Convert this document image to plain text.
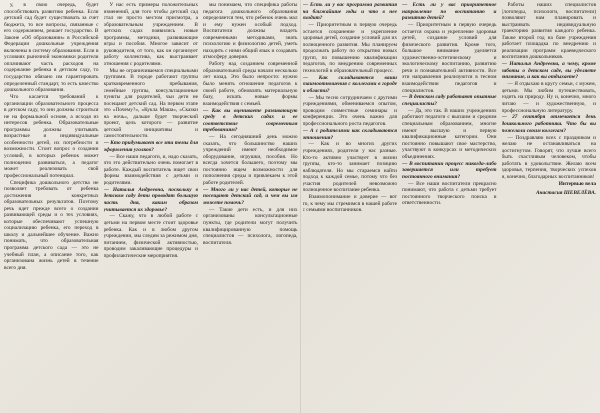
у, в свою очередь, будет способствовать развитию ребенка. Если детский сад будет существовать за счет бюджета, то все вопросы, связанные с его содержанием, решает государство. В Законе «Об образовании» в Российской Федерации дошкольные учреждения включены в систему образования. Если в условиях рыночной экономики родители оплачивают часть расходов на содержание ребенка в детском саду, то государство обязано им гарантировать определенный стандарт, то есть качество дошкольного образования.

Что касается требований к организации образовательного процесса в детском саду, то они должны строиться не на формальной основе, а исходя из интересов ребенка. Образовательные программы должны учитывать возрастные и индивидуальные особенности детей, их потребности и возможности. Стоит вопрос о создании условий, в которых ребенок может полноценно развиваться, а педагог может реализовать свой профессиональный потенциал.

Специфика дошкольного детства не позволяет требовать от ребенка достижения конкретных образовательных результатов. Поэтому речь идет прежде всего о создании развивающей среды и о тех условиях, которые обеспечивают успешную социализацию ребенка, его переход в школу и дальнейшее обучение. Важно понимать, что образовательная программа детского сада — это не учебный план, а описание того, как организована жизнь детей в течение всего дня.

У нас есть примеры положительных изменений, для того чтобы детский сад стал не просто местом присмотра, а образовательным учреждением. В детских садах появились новые программы, методики, развивающие игры и пособия. Многое зависит от руководителя, от того, как он организует работу коллектива, как выстраивает отношения с родителями.

Мы не ограничиваемся специальными группами. В городе работают группы кратковременного пребывания, семейные группы, консультационные пункты для родителей, чьи дети не посещают детский сад. На первом этапе это «Почему?», «Кукла Маша», «Сказки на ночь», дальше будет творческий проект, цель которого — развитие детской инициативы и самостоятельности.

— Кто придумывает все эти темы для оформления уголков?

— Все наши педагоги, и, надо сказать, что это действительно очень помогает в работе. Каждый воспитатель ищет свои формы взаимодействия с детьми и родителями.

— Наталья Андреевна, поскольку в детском саду дети проводят большую часть дня, каким образом учитывается их здоровье?

— Скажу, что в любой работе с детьми на первом месте стоит здоровье ребенка. Как и в любом другом учреждении, мы следим за режимом дня, питанием, физической активностью, проводим закаливающие процедуры и профилактические мероприятия.

мы понимаем, что специфика работы педагога дошкольного образования определяется тем, что ребенок очень мал и ему нужен особый подход. Воспитатели должны владеть современными методиками, знать психологию и физиологию детей, уметь находить с ними общий язык и создавать атмосферу доверия.

Работу над созданием современной образовательной среды начали несколько лет назад. Это было непросто: нужно было менять отношение педагогов к своей работе, обновлять материальную базу, искать новые формы взаимодействия с семьей.

— Как вы оцениваете развивающую среду в детских садах и ее соответствие современным требованиям?

— На сегодняшний день можно сказать, что большинство наших учреждений имеют необходимое оборудование, игрушки, пособия. Но всегда хочется большего, поэтому мы постоянно ищем возможности для пополнения среды и привлекаем к этой работе родителей.

— Много ли у нас детей, которые не посещают детский сад, и чем вы им можете помочь?

— Такие дети есть, и для них организованы консультационные пункты, где родители могут получить квалифицированную помощь специалистов — психолога, логопеда, воспитателя.

— Есть ли у вас программа развития на ближайшие годы и что в нее входит?

— Приоритетным в первую очередь остается сохранение и укрепление здоровья детей, создание условий для их полноценного развития. Мы планируем продолжать работу по открытию новых групп, по повышению квалификации педагогов, по внедрению современных технологий в образовательный процесс.

— Как складываются ваши взаимоотношения с коллегами в городе и области?

— Мы тесно сотрудничаем с другими учреждениями, обмениваемся опытом, проводим совместные семинары и конференции. Это очень важно для профессионального роста педагогов.

— А с родителями как складываются отношения?

— Как и во многих других учреждениях, родители у нас разные. Кто-то активно участвует в жизни группы, кто-то занимает позицию наблюдателя. Но мы стараемся найти подход к каждой семье, потому что без участия родителей невозможно полноценное воспитание ребенка.

Взаимопонимание и доверие — вот то, к чему мы стремимся в нашей работе с семьями воспитанников.

— Есть ли у вас приоритетное направление по воспитанию и развитию детей?

— Приоритетным в первую очередь остается охрана и укрепление здоровья детей, создание условий для физического развития. Кроме того, большое внимание уделяется художественно-эстетическому и экологическому воспитанию, развитию речи и познавательной активности. Все эти направления реализуются в тесном взаимодействии педагогов и специалистов.

— В детском саду работают опытные специалисты?

— Да, это так. В наших учреждениях работают педагоги с высшим и средним специальным образованием, многие имеют высшую и первую квалификационные категории. Они постоянно повышают свое мастерство, участвуют в конкурсах и методических объединениях.

— В воспитании процесс никогда-либо завершается или требует постоянного внимания?

— Все наши воспитатели прекрасно понимают, что работа с детьми требует постоянного творческого поиска и ответственности.

Работы наших специалистов (логопеды, психологи, воспитатели) позволяют нам планировать и выстраивать индивидуальную траекторию развития каждого ребенка. Также второй год на базе учреждения работает площадка по внедрению и реализации программ краеведческого воспитания дошкольников.

— Наталья Андреевна, а чему, кроме заботы о детском саде, вы уделяете внимание, и как вы отдыхаете?

— Я отдыхаю в кругу семьи, с мужем, детьми. Мы любим путешествовать, ездить на природу. Ну и, конечно, много читаю — и художественную, и профессиональную литературу.

— 27 сентября отмечается день дошкольного работника. Что бы вы пожелали своим коллегам?

— Поздравляю всех с праздником и желаю не останавливаться на достигнутом. Говорят, что лучше всего быть счастливым человеком, чтобы работать в удовольствие. Желаю всем здоровья, терпения, творческих успехов и, конечно, благодарных воспитанников!

Интервью вела

Анастасия ШЕВЕЛЁВА.
